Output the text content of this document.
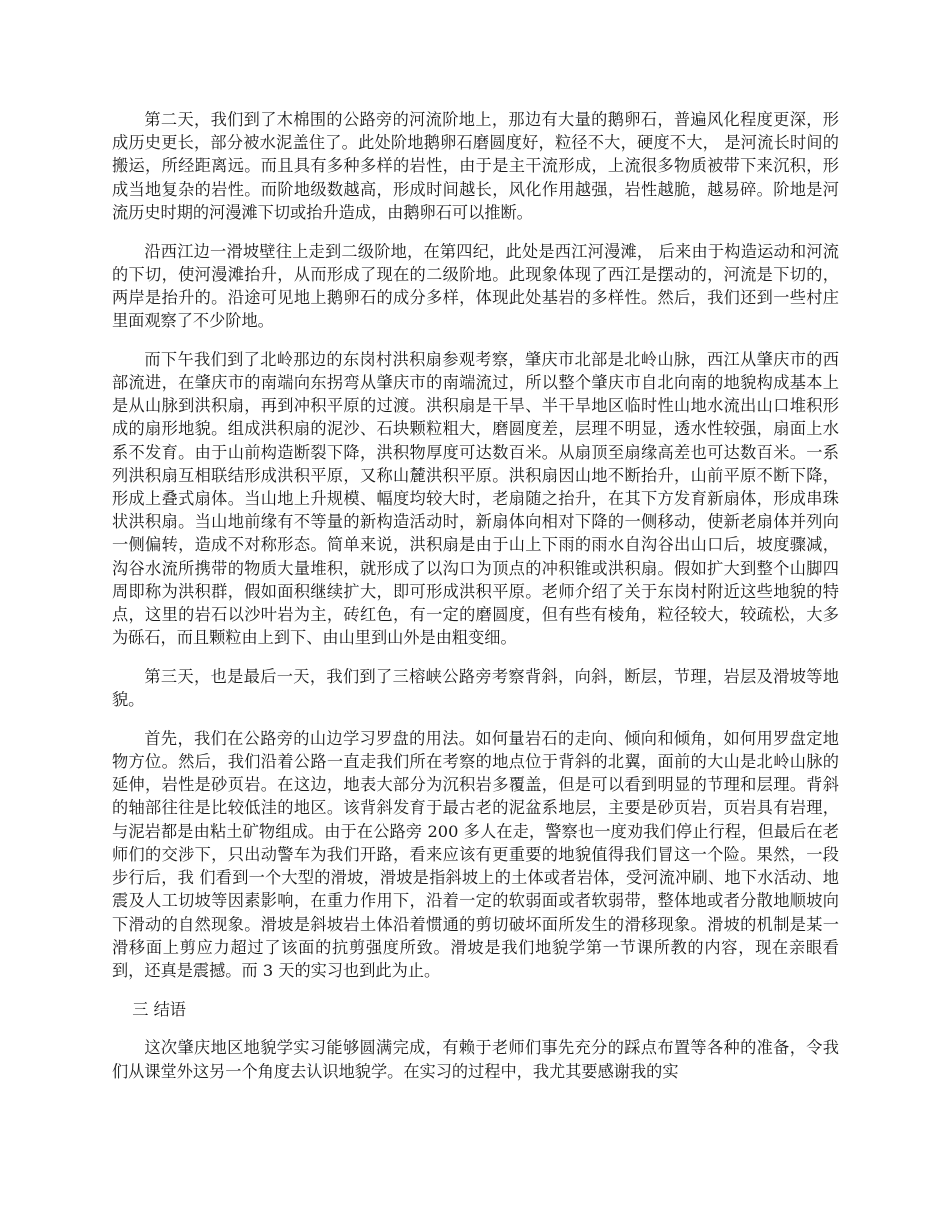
第二天，我们到了木棉围的公路旁的河流阶地上，那边有大量的鹅卵石，普遍风化程度更深，形成历史更长，部分被水泥盖住了。此处阶地鹅卵石磨圆度好，粒径不大，硬度不大， 是河流长时间的搬运，所经距离远。而且具有多种多样的岩性，由于是主干流形成，上流很多物质被带下来沉积，形成当地复杂的岩性。而阶地级数越高，形成时间越长，风化作用越强，岩性越脆，越易碎。阶地是河流历史时期的河漫滩下切或抬升造成，由鹅卵石可以推断。

沿西江边一滑坡壁往上走到二级阶地，在第四纪，此处是西江河漫滩， 后来由于构造运动和河流的下切，使河漫滩抬升，从而形成了现在的二级阶地。此现象体现了西江是摆动的，河流是下切的，两岸是抬升的。沿途可见地上鹅卵石的成分多样，体现此处基岩的多样性。然后，我们还到一些村庄里面观察了不少阶地。

而下午我们到了北岭那边的东岗村洪积扇参观考察，肇庆市北部是北岭山脉，西江从肇庆市的西部流进，在肇庆市的南端向东拐弯从肇庆市的南端流过，所以整个肇庆市自北向南的地貌构成基本上是从山脉到洪积扇，再到冲积平原的过渡。洪积扇是干旱、半干旱地区临时性山地水流出山口堆积形成的扇形地貌。组成洪积扇的泥沙、石块颗粒粗大，磨圆度差，层理不明显，透水性较强，扇面上水系不发育。由于山前构造断裂下降，洪积物厚度可达数百米。从扇顶至扇缘高差也可达数百米。一系列洪积扇互相联结形成洪积平原，又称山麓洪积平原。洪积扇因山地不断抬升，山前平原不断下降，形成上叠式扇体。当山地上升规模、幅度均较大时，老扇随之抬升，在其下方发育新扇体，形成串珠状洪积扇。当山地前缘有不等量的新构造活动时，新扇体向相对下降的一侧移动，使新老扇体并列向一侧偏转，造成不对称形态。简单来说，洪积扇是由于山上下雨的雨水自沟谷出山口后，坡度骤减，沟谷水流所携带的物质大量堆积，就形成了以沟口为顶点的冲积锥或洪积扇。假如扩大到整个山脚四周即称为洪积群，假如面积继续扩大，即可形成洪积平原。老师介绍了关于东岗村附近这些地貌的特点，这里的岩石以沙叶岩为主，砖红色，有一定的磨圆度，但有些有棱角，粒径较大，较疏松，大多为砾石，而且颗粒由上到下、由山里到山外是由粗变细。

第三天，也是最后一天，我们到了三榕峡公路旁考察背斜，向斜，断层，节理，岩层及滑坡等地貌。

首先，我们在公路旁的山边学习罗盘的用法。如何量岩石的走向、倾向和倾角，如何用罗盘定地物方位。然后，我们沿着公路一直走我们所在考察的地点位于背斜的北翼，面前的大山是北岭山脉的延伸，岩性是砂页岩。在这边，地表大部分为沉积岩多覆盖，但是可以看到明显的节理和层理。背斜的轴部往往是比较低洼的地区。该背斜发育于最古老的泥盆系地层，主要是砂页岩，页岩具有岩理，与泥岩都是由粘土矿物组成。由于在公路旁 200 多人在走，警察也一度劝我们停止行程，但最后在老师们的交涉下，只出动警车为我们开路，看来应该有更重要的地貌值得我们冒这一个险。果然，一段步行后，我 们看到一个大型的滑坡，滑坡是指斜坡上的土体或者岩体，受河流冲刷、地下水活动、地震及人工切坡等因素影响，在重力作用下，沿着一定的软弱面或者软弱带，整体地或者分散地顺坡向下滑动的自然现象。滑坡是斜坡岩土体沿着惯通的剪切破坏面所发生的滑移现象。滑坡的机制是某一滑移面上剪应力超过了该面的抗剪强度所致。滑坡是我们地貌学第一节课所教的内容，现在亲眼看到，还真是震撼。而 3 天的实习也到此为止。

三 结语

这次肇庆地区地貌学实习能够圆满完成，有赖于老师们事先充分的踩点布置等各种的准备，令我们从课堂外这另一个角度去认识地貌学。在实习的过程中，我尤其要感谢我的实
